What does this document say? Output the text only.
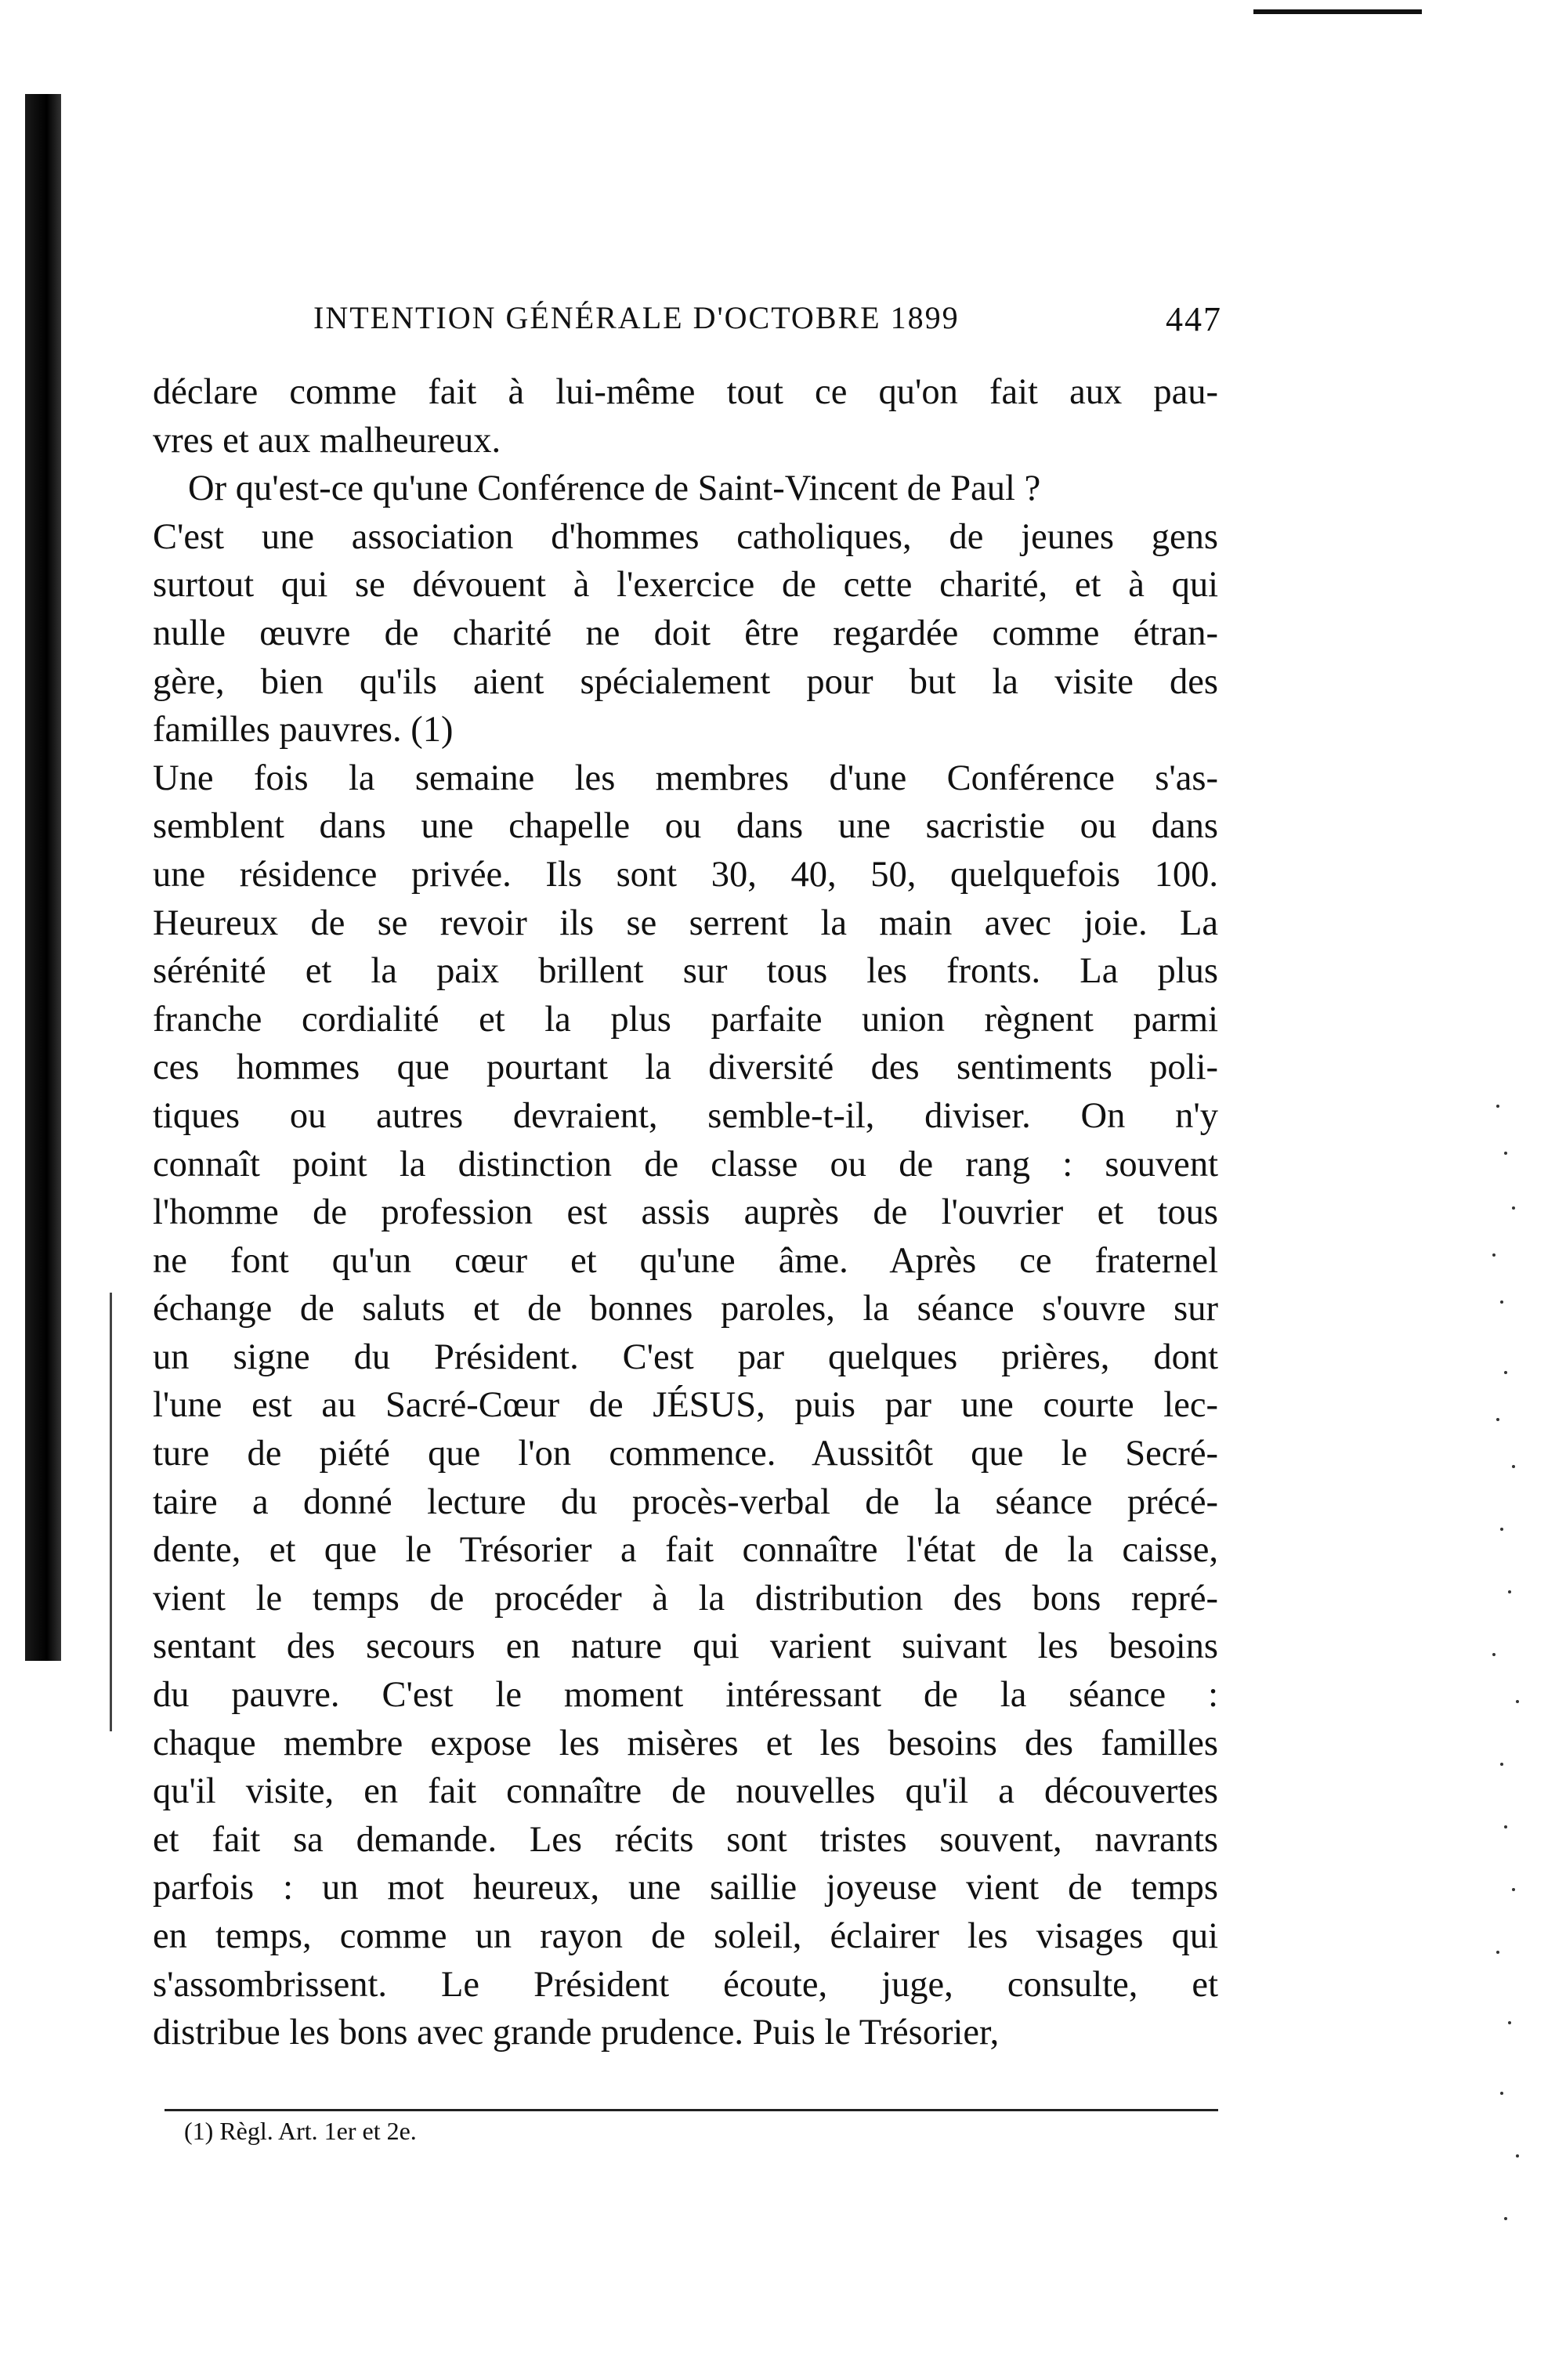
INTENTION GÉNÉRALE D'OCTOBRE 1899	447

déclare comme fait à lui-même tout ce qu'on fait aux pau-
vres et aux malheureux.

Or qu'est-ce qu'une Conférence de Saint-Vincent de Paul ?

C'est une association d'hommes catholiques, de jeunes gens
surtout qui se dévouent à l'exercice de cette charité, et à qui
nulle œuvre de charité ne doit être regardée comme étran-
gère, bien qu'ils aient spécialement pour but la visite des
familles pauvres. (1)

Une fois la semaine les membres d'une Conférence s'as-
semblent dans une chapelle ou dans une sacristie ou dans
une résidence privée. Ils sont 30, 40, 50, quelquefois 100.
Heureux de se revoir ils se serrent la main avec joie. La
sérénité et la paix brillent sur tous les fronts. La plus
franche cordialité et la plus parfaite union règnent parmi
ces hommes que pourtant la diversité des sentiments poli-
tiques ou autres devraient, semble-t-il, diviser. On n'y
connaît point la distinction de classe ou de rang : souvent
l'homme de profession est assis auprès de l'ouvrier et tous
ne font qu'un cœur et qu'une âme. Après ce fraternel
échange de saluts et de bonnes paroles, la séance s'ouvre sur
un signe du Président. C'est par quelques prières, dont
l'une est au Sacré-Cœur de JÉSUS, puis par une courte lec-
ture de piété que l'on commence. Aussitôt que le Secré-
taire a donné lecture du procès-verbal de la séance précé-
dente, et que le Trésorier a fait connaître l'état de la caisse,
vient le temps de procéder à la distribution des bons repré-
sentant des secours en nature qui varient suivant les besoins
du pauvre. C'est le moment intéressant de la séance :
chaque membre expose les misères et les besoins des familles
qu'il visite, en fait connaître de nouvelles qu'il a découvertes
et fait sa demande. Les récits sont tristes souvent, navrants
parfois : un mot heureux, une saillie joyeuse vient de temps
en temps, comme un rayon de soleil, éclairer les visages qui
s'assombrissent. Le Président écoute, juge, consulte, et
distribue les bons avec grande prudence. Puis le Trésorier,

(1) Règl. Art. 1er et 2e.
